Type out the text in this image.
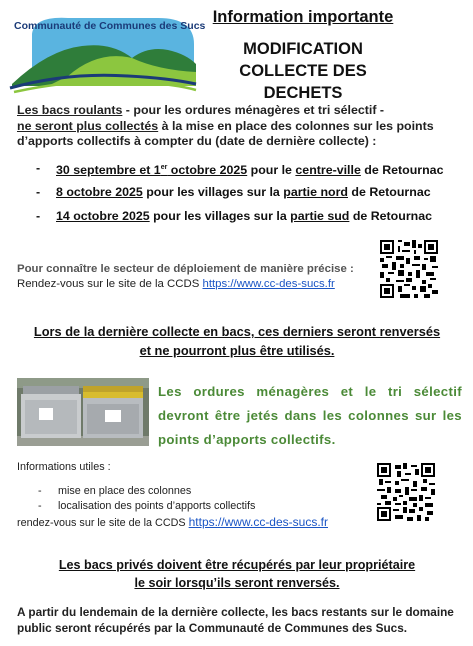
Communauté de Communes des Sucs Information importante
MODIFICATION
COLLECTE DES DECHETS
Les bacs roulants - pour les ordures ménagères et tri sélectif -
ne seront plus collectés à la mise en place des colonnes sur les points d’apports collectifs à compter du (date de dernière collecte) :
- 30 septembre et 1er octobre 2025 pour le centre-ville de Retournac
- 8 octobre 2025 pour les villages sur la partie nord de Retournac
- 14 octobre 2025 pour les villages sur la partie sud de Retournac
Pour connaître le secteur de déploiement de manière précise :
Rendez-vous sur le site de la CCDS https://www.cc-des-sucs.fr
Lors de la dernière collecte en bacs, ces derniers seront renversés
et ne pourront plus être utilisés.
Les ordures ménagères et le tri sélectif devront être jetés dans les colonnes sur les points d’apports collectifs.
Informations utiles :
- mise en place des colonnes
- localisation des points d’apports collectifs
rendez-vous sur le site de la CCDS https://www.cc-des-sucs.fr
Les bacs privés doivent être récupérés par leur propriétaire
le soir lorsqu’ils seront renversés.
A partir du lendemain de la dernière collecte, les bacs restants sur le domaine public seront récupérés par la Communauté de Communes des Sucs.
